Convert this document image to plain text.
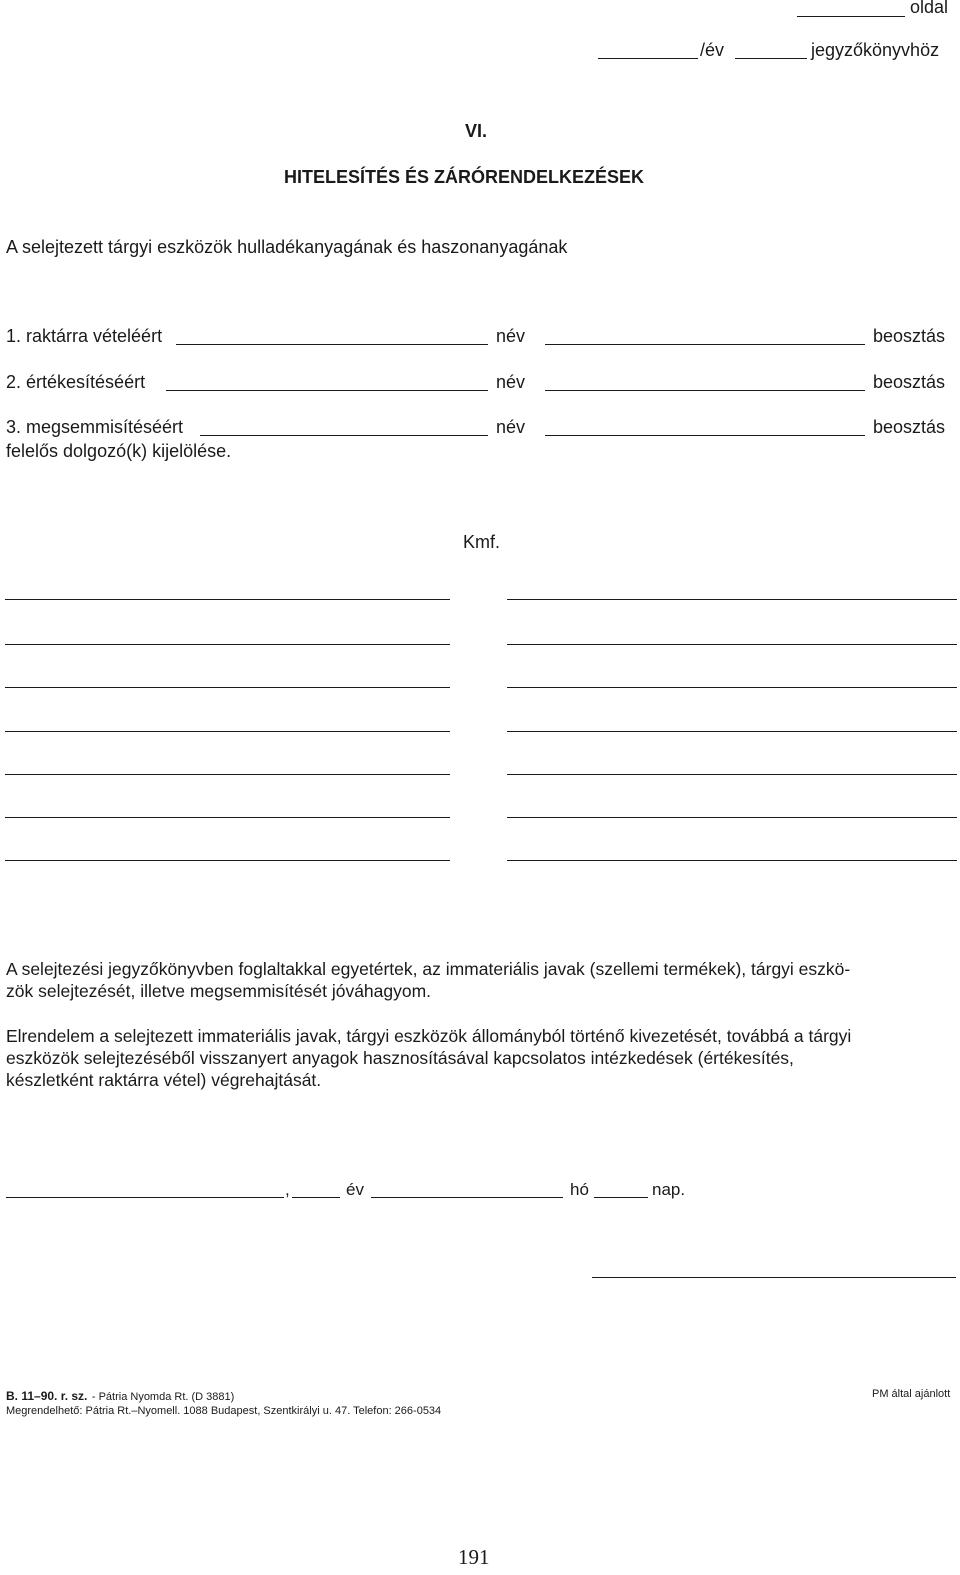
oldal
/év	jegyzőkönyvhöz
VI.
HITELESÍTÉS ÉS ZÁRÓRENDELKEZÉSEK
A selejtezett tárgyi eszközök hulladékanyagának és haszonanyagának
1. raktárra vételéért	név	beosztás
2. értékesítéséért	név	beosztás
3. megsemmisítéséért	név	beosztás
felelős dolgozó(k) kijelölése.
Kmf.
A selejtezési jegyzőkönyvben foglaltakkal egyetértek, az immateriális javak (szellemi termékek), tárgyi eszkö-
zök selejtezését, illetve megsemmisítését jóváhagyom.
Elrendelem a selejtezett immateriális javak, tárgyi eszközök állományból történő kivezetését, továbbá a tárgyi
eszközök selejtezéséből visszanyert anyagok hasznosításával kapcsolatos intézkedések (értékesítés,
készletként raktárra vétel) végrehajtását.
,	év	hó	nap.
B. 11–90. r. sz. - Pátria Nyomda Rt. (D 3881)
Megrendelhető: Pátria Rt.–Nyomell. 1088 Budapest, Szentkirályi u. 47. Telefon: 266-0534
PM által ajánlott
191
